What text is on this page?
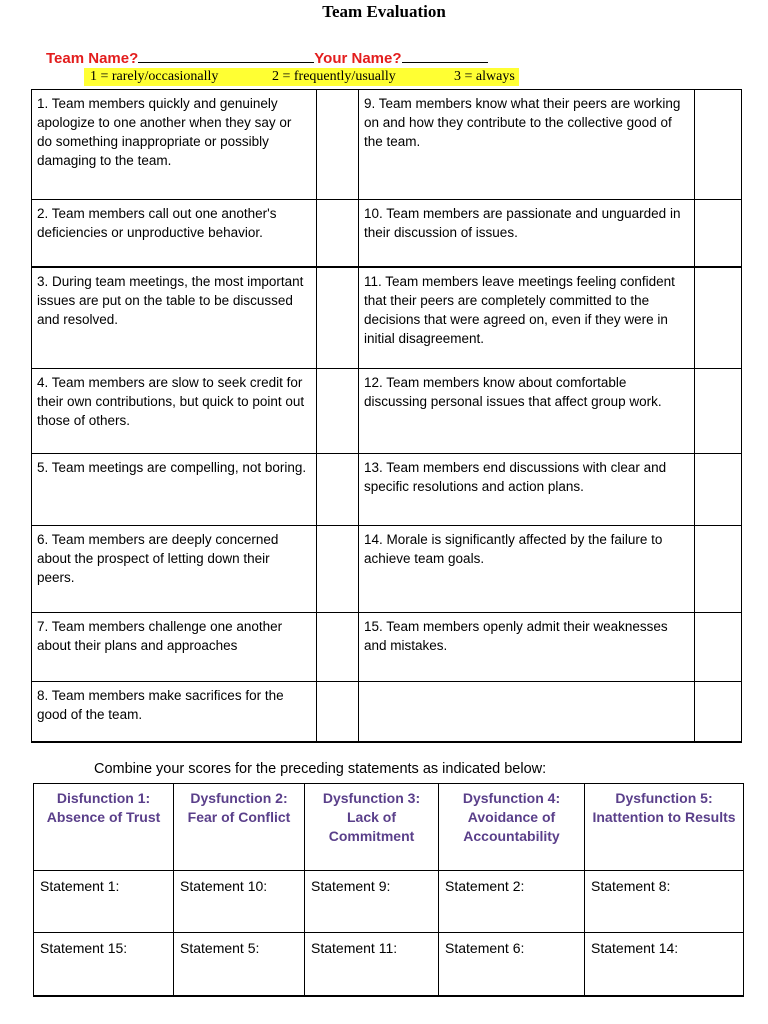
Team Evaluation
Team Name?	Your Name?
1 = rarely/occasionally	2 = frequently/usually	3 = always
1. Team members quickly and genuinely apologize to one another when they say or do something inappropriate or possibly damaging to the team.		9. Team members know what their peers are working on and how they contribute to the collective good of the team.	
2. Team members call out one another's deficiencies or unproductive behavior.		10. Team members are passionate and unguarded in their discussion of issues.	
3. During team meetings, the most important issues are put on the table to be discussed and resolved.		11. Team members leave meetings feeling confident that their peers are completely committed to the decisions that were agreed on, even if they were in initial disagreement.	
4. Team members are slow to seek credit for their own contributions, but quick to point out those of others.		12. Team members know about comfortable discussing personal issues that affect group work.	
5. Team meetings are compelling, not boring.		13. Team members end discussions with clear and specific resolutions and action plans.	
6. Team members are deeply concerned about the prospect of letting down their peers.		14. Morale is significantly affected by the failure to achieve team goals.	
7. Team members challenge one another about their plans and approaches		15. Team members openly admit their weaknesses and mistakes.	
8. Team members make sacrifices for the good of the team.			
Combine your scores for the preceding statements as indicated below:
Disfunction 1: Absence of Trust	Dysfunction 2: Fear of Conflict	Dysfunction 3: Lack of Commitment	Dysfunction 4: Avoidance of Accountability	Dysfunction 5: Inattention to Results
Statement 1:	Statement 10:	Statement 9:	Statement 2:	Statement 8:
Statement 15:	Statement 5:	Statement 11:	Statement 6:	Statement 14:
